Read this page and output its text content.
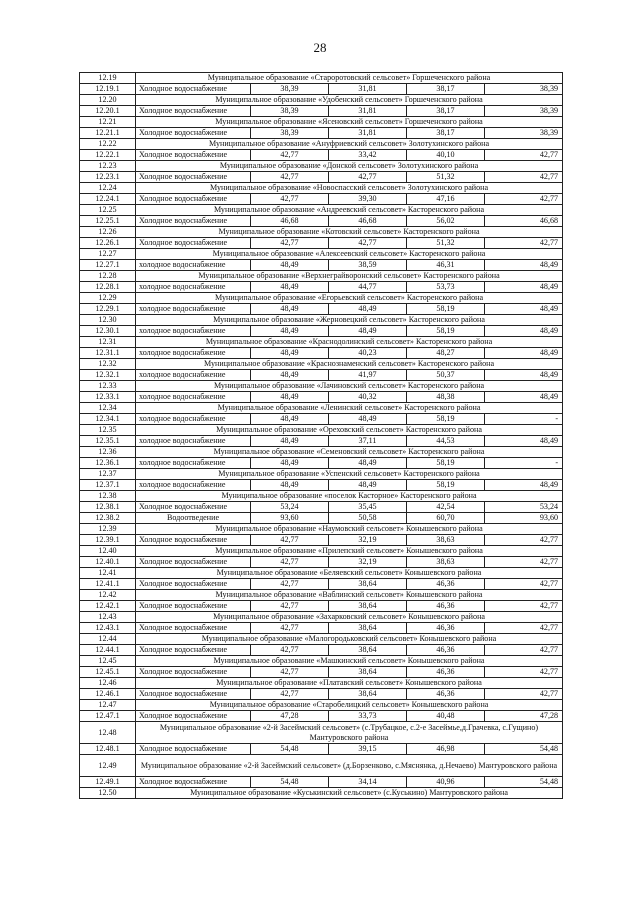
28
12.19	Муниципальное образование «Староротовский сельсовет» Горшеченского района				
12.19.1	Холодное водоснабжение	38,39	31,81	38,17	38,39
12.20	Муниципальное образование «Удобенский сельсовет» Горшеченского района				
12.20.1	Холодное водоснабжение	38,39	31,81	38,17	38,39
12.21	Муниципальное образование «Ясеновский сельсовет» Горшеченского района				
12.21.1	Холодное водоснабжение	38,39	31,81	38,17	38,39
12.22	Муниципальное образование «Ануфриевский сельсовет» Золотухинского района				
12.22.1	Холодное водоснабжение	42,77	33,42	40,10	42,77
12.23	Муниципальное образование «Донской сельсовет» Золотухинского района				
12.23.1	Холодное водоснабжение	42,77	42,77	51,32	42,77
12.24	Муниципальное образование «Новоспасский сельсовет» Золотухинского района				
12.24.1	Холодное водоснабжение	42,77	39,30	47,16	42,77
12.25	Муниципальное образование «Андреевский сельсовет» Касторенского района				
12.25.1	Холодное водоснабжение	46,68	46,68	56,02	46,68
12.26	Муниципальное образование «Котовский сельсовет» Касторенского района				
12.26.1	Холодное водоснабжение	42,77	42,77	51,32	42,77
12.27	Муниципальное образование «Алексеевский сельсовет» Касторенского района				
12.27.1	холодное водоснабжение	48,49	38,59	46,31	48,49
12.28	Муниципальное образование «Верхнеграйворонский сельсовет» Касторенского района				
12.28.1	холодное водоснабжение	48,49	44,77	53,73	48,49
12.29	Муниципальное образование «Егорьевский сельсовет» Касторенского района				
12.29.1	холодное водоснабжение	48,49	48,49	58,19	48,49
12.30	Муниципальное образование «Жерновецкий сельсовет» Касторенского района				
12.30.1	холодное водоснабжение	48,49	48,49	58,19	48,49
12.31	Муниципальное образование «Краснодолинский сельсовет» Касторенского района				
12.31.1	холодное водоснабжение	48,49	40,23	48,27	48,49
12.32	Муниципальное образование «Краснознаменский сельсовет» Касторенского района				
12.32.1	холодное водоснабжение	48,49	41,97	50,37	48,49
12.33	Муниципальное образование «Лачиновский сельсовет» Касторенского района				
12.33.1	холодное водоснабжение	48,49	40,32	48,38	48,49
12.34	Муниципальное образование «Ленинский сельсовет» Касторенского района				
12.34.1	холодное водоснабжение	48,49	48,49	58,19	-
12.35	Муниципальное образование «Ореховский сельсовет» Касторенского района				
12.35.1	холодное водоснабжение	48,49	37,11	44,53	48,49
12.36	Муниципальное образование «Семеновский сельсовет» Касторенского района				
12.36.1	холодное водоснабжение	48,49	48,49	58,19	-
12.37	Муниципальное образование «Успенский сельсовет» Касторенского района				
12.37.1	холодное водоснабжение	48,49	48,49	58,19	48,49
12.38	Муниципальное образование «поселок Касторное» Касторенского района				
12.38.1	Холодное водоснабжение	53,24	35,45	42,54	53,24
12.38.2	Водоотведение	93,60	50,58	60,70	93,60
12.39	Муниципальное образование «Наумовский сельсовет» Конышевского района				
12.39.1	Холодное водоснабжение	42,77	32,19	38,63	42,77
12.40	Муниципальное образование «Прилепский сельсовет» Конышевского района				
12.40.1	Холодное водоснабжение	42,77	32,19	38,63	42,77
12.41	Муниципальное образование «Беляевский сельсовет» Конышевского района				
12.41.1	Холодное водоснабжение	42,77	38,64	46,36	42,77
12.42	Муниципальное образование «Ваблинский сельсовет» Конышевского района				
12.42.1	Холодное водоснабжение	42,77	38,64	46,36	42,77
12.43	Муниципальное образование «Захарковский сельсовет» Конышевского района				
12.43.1	Холодное водоснабжение	42,77	38,64	46,36	42,77
12.44	Муниципальное образование «Малогородьковский сельсовет» Конышевского района				
12.44.1	Холодное водоснабжение	42,77	38,64	46,36	42,77
12.45	Муниципальное образование «Машкинский сельсовет» Конышевского района				
12.45.1	Холодное водоснабжение	42,77	38,64	46,36	42,77
12.46	Муниципальное образование «Платавский сельсовет» Конышевского района				
12.46.1	Холодное водоснабжение	42,77	38,64	46,36	42,77
12.47	Муниципальное образование «Старобелицкий сельсовет» Конышевского района				
12.47.1	Холодное водоснабжение	47,28	33,73	40,48	47,28
12.48	Муниципальное образование «2-й Засеймский сельсовет» (с.Трубацкое, с.2-е Засеймье,д.Грачевка, с.Гущино) Мантуровского района				
12.48.1	Холодное водоснабжение	54,48	39,15	46,98	54,48
12.49	Муниципальное образование «2-й Засеймский сельсовет» (д.Борзенково, с.Мяснянка, д.Нечаево) Мантуровского района				
12.49.1	Холодное водоснабжение	54,48	34,14	40,96	54,48
12.50	Муниципальное образование «Куськинский сельсовет» (с.Куськино) Мантуровского района				
